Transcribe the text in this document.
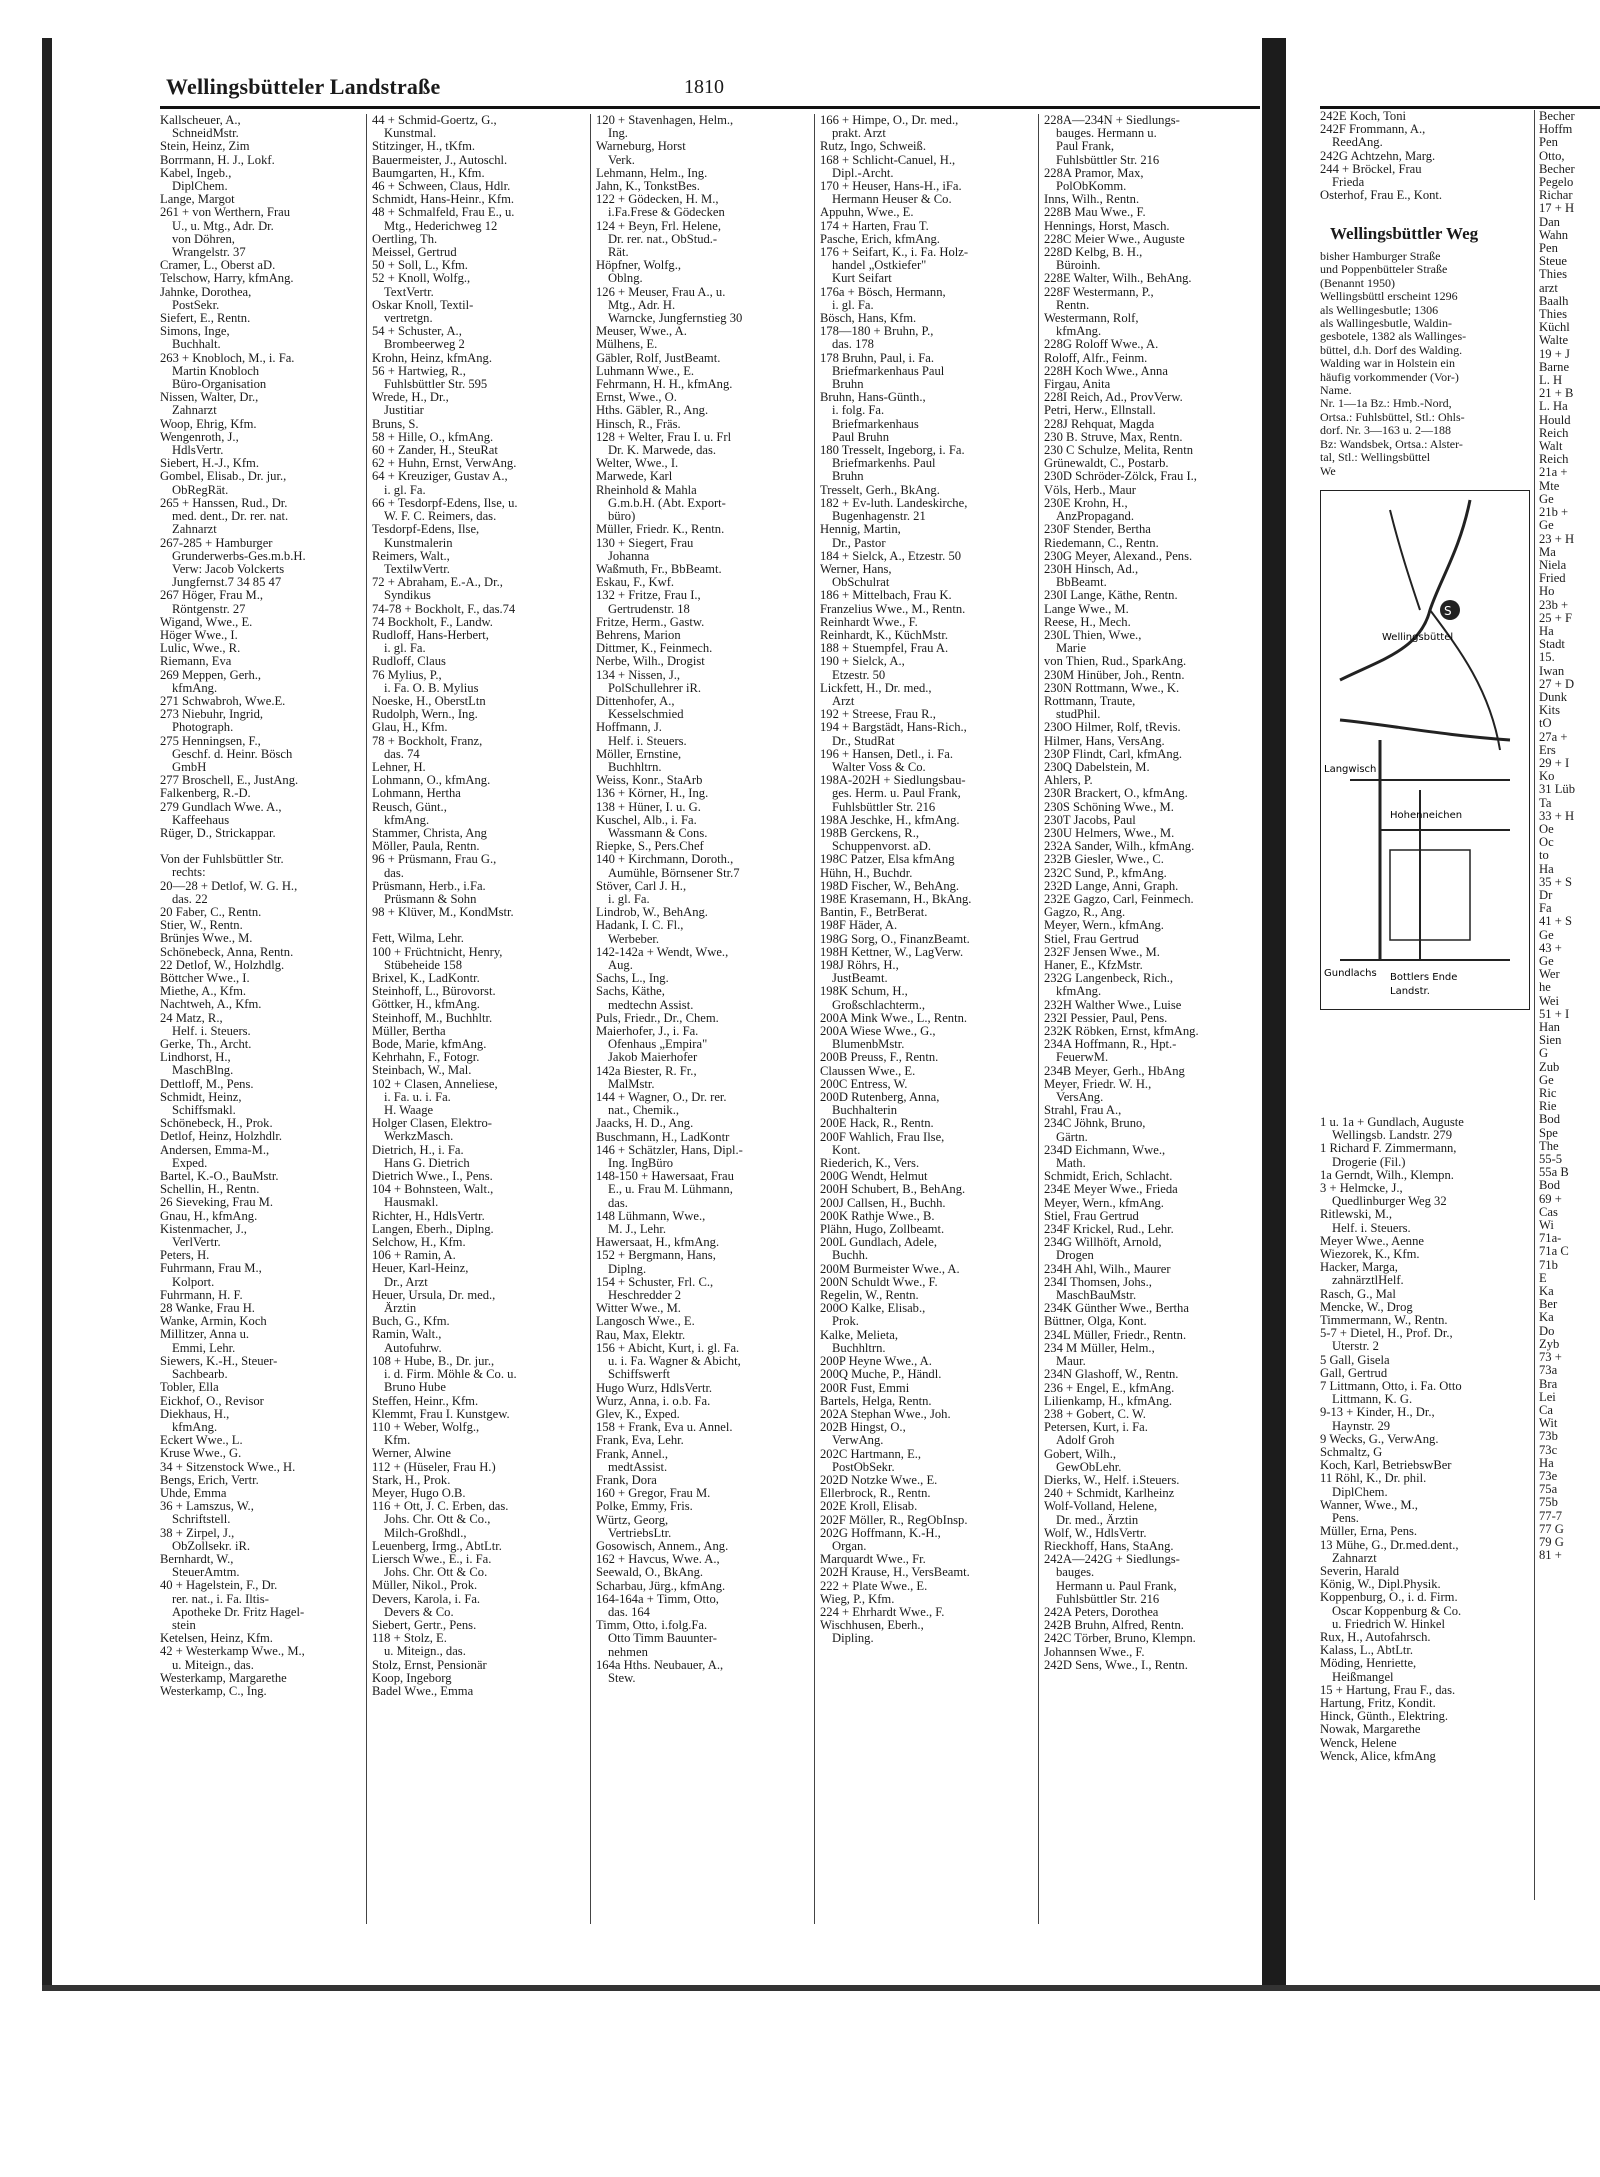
Wellingsbütteler Landstraße	1810
Kallscheuer, A.,
SchneidMstr.
Stein, Heinz, Zim
Borrmann, H. J., Lokf.
Kabel, Ingeb.,
DiplChem.
Lange, Margot
261 + von Werthern, Frau
U., u. Mtg., Adr. Dr.
von Döhren,
Wrangelstr. 37
Cramer, L., Oberst aD.
Telschow, Harry, kfmAng.
Jahnke, Dorothea,
PostSekr.
Siefert, E., Rentn.
Simons, Inge,
Buchhalt.
263 + Knobloch, M., i. Fa.
Martin Knobloch
Büro-Organisation
Nissen, Walter, Dr.,
Zahnarzt
Woop, Ehrig, Kfm.
Wengenroth, J.,
HdlsVertr.
Siebert, H.-J., Kfm.
Gombel, Elisab., Dr. jur.,
ObRegRät.
265 + Hanssen, Rud., Dr.
med. dent., Dr. rer. nat.
Zahnarzt
267-285 + Hamburger
Grunderwerbs-Ges.m.b.H.
Verw: Jacob Volckerts
Jungfernst.7 34 85 47
267 Höger, Frau M.,
Röntgenstr. 27
Wigand, Wwe., E.
Höger Wwe., I.
Lulic, Wwe., R.
Riemann, Eva
269 Meppen, Gerh.,
kfmAng.
271 Schwabroh, Wwe.E.
273 Niebuhr, Ingrid,
Photograph.
275 Henningsen, F.,
Geschf. d. Heinr. Bösch
GmbH
277 Broschell, E., JustAng.
Falkenberg, R.-D.
279 Gundlach Wwe. A.,
Kaffeehaus
Rüger, D., Strickappar.
Von der Fuhlsbüttler Str.
rechts:
20—28 + Detlof, W. G. H.,
das. 22
20 Faber, C., Rentn.
Stier, W., Rentn.
Brünjes Wwe., M.
Schönebeck, Anna, Rentn.
22 Detlof, W., Holzhdlg.
Böttcher Wwe., I.
Miethe, A., Kfm.
Nachtweh, A., Kfm.
24 Matz, R.,
Helf. i. Steuers.
Gerke, Th., Archt.
Lindhorst, H.,
MaschBlng.
Dettloff, M., Pens.
Schmidt, Heinz,
Schiffsmakl.
Schönebeck, H., Prok.
Detlof, Heinz, Holzhdlr.
Andersen, Emma-M.,
Exped.
Bartel, K.-O., BauMstr.
Schellin, H., Rentn.
26 Sieveking, Frau M.
Gnau, H., kfmAng.
Kistenmacher, J.,
VerlVertr.
Peters, H.
Fuhrmann, Frau M.,
Kolport.
Fuhrmann, H. F.
28 Wanke, Frau H.
Wanke, Armin, Koch
Millitzer, Anna u.
Emmi, Lehr.
Siewers, K.-H., Steuer-
Sachbearb.
Tobler, Ella
Eickhof, O., Revisor
Diekhaus, H.,
kfmAng.
Eckert Wwe., L.
Kruse Wwe., G.
34 + Sitzenstock Wwe., H.
Bengs, Erich, Vertr.
Uhde, Emma
36 + Lamszus, W.,
Schriftstell.
38 + Zirpel, J.,
ObZollsekr. iR.
Bernhardt, W.,
SteuerAmtm.
40 + Hagelstein, F., Dr.
rer. nat., i. Fa. Iltis-
Apotheke Dr. Fritz Hagel-
stein
Ketelsen, Heinz, Kfm.
42 + Westerkamp Wwe., M.,
u. Miteign., das.
Westerkamp, Margarethe
Westerkamp, C., Ing.
44 + Schmid-Goertz, G.,
Kunstmal.
Stitzinger, H., tKfm.
Bauermeister, J., Autoschl.
Baumgarten, H., Kfm.
46 + Schween, Claus, Hdlr.
Schmidt, Hans-Heinr., Kfm.
48 + Schmalfeld, Frau E., u.
Mtg., Hederichweg 12
Oertling, Th.
Meissel, Gertrud
50 + Soll, L., Kfm.
52 + Knoll, Wolfg.,
TextVertr.
Oskar Knoll, Textil-
vertretgn.
54 + Schuster, A.,
Brombeerweg 2
Krohn, Heinz, kfmAng.
56 + Hartwieg, R.,
Fuhlsbüttler Str. 595
Wrede, H., Dr.,
Justitiar
Bruns, S.
58 + Hille, O., kfmAng.
60 + Zander, H., SteuRat
62 + Huhn, Ernst, VerwAng.
64 + Kreuziger, Gustav A.,
i. gl. Fa.
66 + Tesdorpf-Edens, Ilse, u.
W. F. C. Reimers, das.
Tesdorpf-Edens, Ilse,
Kunstmalerin
Reimers, Walt.,
TextilwVertr.
72 + Abraham, E.-A., Dr.,
Syndikus
74-78 + Bockholt, F., das.74
74 Bockholt, F., Landw.
Rudloff, Hans-Herbert,
i. gl. Fa.
Rudloff, Claus
76 Mylius, P.,
i. Fa. O. B. Mylius
Noeske, H., OberstLtn
Rudolph, Wern., Ing.
Glau, H., Kfm.
78 + Bockholt, Franz,
das. 74
Lehner, H.
Lohmann, O., kfmAng.
Lohmann, Hertha
Reusch, Günt.,
kfmAng.
Stammer, Christa, Ang
Möller, Paula, Rentn.
96 + Prüsmann, Frau G.,
das.
Prüsmann, Herb., i.Fa.
Prüsmann & Sohn
98 + Klüver, M., KondMstr.
Fett, Wilma, Lehr.
100 + Früchtnicht, Henry,
Stübeheide 158
Brixel, K., LadKontr.
Steinhoff, L., Bürovorst.
Göttker, H., kfmAng.
Steinhoff, M., Buchhltr.
Müller, Bertha
Bode, Marie, kfmAng.
Kehrhahn, F., Fotogr.
Steinbach, W., Mal.
102 + Clasen, Anneliese,
i. Fa. u. i. Fa.
H. Waage
Holger Clasen, Elektro-
WerkzMasch.
Dietrich, H., i. Fa.
Hans G. Dietrich
Dietrich Wwe., I., Pens.
104 + Bohnsteen, Walt.,
Hausmakl.
Richter, H., HdlsVertr.
Langen, Eberh., Diplng.
Selchow, H., Kfm.
106 + Ramin, A.
Heuer, Karl-Heinz,
Dr., Arzt
Heuer, Ursula, Dr. med.,
Ärztin
Buch, G., Kfm.
Ramin, Walt.,
Autofuhrw.
108 + Hube, B., Dr. jur.,
i. d. Firm. Möhle & Co. u.
Bruno Hube
Steffen, Heinr., Kfm.
Klemmt, Frau I. Kunstgew.
110 + Weber, Wolfg.,
Kfm.
Werner, Alwine
112 + (Hüseler, Frau H.)
Stark, H., Prok.
Meyer, Hugo O.B.
116 + Ott, J. C. Erben, das.
Johs. Chr. Ott & Co.,
Milch-Großhdl.,
Leuenberg, Irmg., AbtLtr.
Liersch Wwe., E., i. Fa.
Johs. Chr. Ott & Co.
Müller, Nikol., Prok.
Devers, Karola, i. Fa.
Devers & Co.
Siebert, Gertr., Pens.
118 + Stolz, E.
u. Miteign., das.
Stolz, Ernst, Pensionär
Koop, Ingeborg
Badel Wwe., Emma
120 + Stavenhagen, Helm.,
Ing.
Warneburg, Horst
Verk.
Lehmann, Helm., Ing.
Jahn, K., TonkstBes.
122 + Gödecken, H. M.,
i.Fa.Frese & Gödecken
124 + Beyn, Frl. Helene,
Dr. rer. nat., ObStud.-
Rät.
Höpfner, Wolfg.,
Oblng.
126 + Meuser, Frau A., u.
Mtg., Adr. H.
Warncke, Jungfernstieg 30
Meuser, Wwe., A.
Mülhens, E.
Gäbler, Rolf, JustBeamt.
Luhmann Wwe., E.
Fehrmann, H. H., kfmAng.
Ernst, Wwe., O.
Hths. Gäbler, R., Ang.
Hinsch, R., Fräs.
128 + Welter, Frau I. u. Frl
Dr. K. Marwede, das.
Welter, Wwe., I.
Marwede, Karl
Rheinhold & Mahla
G.m.b.H. (Abt. Export-
büro)
Müller, Friedr. K., Rentn.
130 + Siegert, Frau
Johanna
Waßmuth, Fr., BbBeamt.
Eskau, F., Kwf.
132 + Fritze, Frau I.,
Gertrudenstr. 18
Fritze, Herm., Gastw.
Behrens, Marion
Dittmer, K., Feinmech.
Nerbe, Wilh., Drogist
134 + Nissen, J.,
PolSchullehrer iR.
Dittenhofer, A.,
Kesselschmied
Hoffmann, J.
Helf. i. Steuers.
Möller, Ernstine,
Buchhltrn.
Weiss, Konr., StaArb
136 + Körner, H., Ing.
138 + Hüner, I. u. G.
Kuschel, Alb., i. Fa.
Wassmann & Cons.
Riepke, S., Pers.Chef
140 + Kirchmann, Doroth.,
Aumühle, Börnsener Str.7
Stöver, Carl J. H.,
i. gl. Fa.
Lindrob, W., BehAng.
Hadank, I. C. Fl.,
Werbeber.
142-142a + Wendt, Wwe.,
Aug.
Sachs, L., Ing.
Sachs, Käthe,
medtechn Assist.
Puls, Friedr., Dr., Chem.
Maierhofer, J., i. Fa.
Ofenhaus „Empira"
Jakob Maierhofer
142a Biester, R. Fr.,
MalMstr.
144 + Wagner, O., Dr. rer.
nat., Chemik.,
Jaacks, H. D., Ang.
Buschmann, H., LadKontr
146 + Schätzler, Hans, Dipl.-
Ing. IngBüro
148-150 + Hawersaat, Frau
E., u. Frau M. Lühmann,
das.
148 Lühmann, Wwe.,
M. J., Lehr.
Hawersaat, H., kfmAng.
152 + Bergmann, Hans,
Diplng.
154 + Schuster, Frl. C.,
Heschredder 2
Witter Wwe., M.
Langosch Wwe., E.
Rau, Max, Elektr.
156 + Abicht, Kurt, i. gl. Fa.
u. i. Fa. Wagner & Abicht,
Schiffswerft
Hugo Wurz, HdlsVertr.
Wurz, Anna, i. o.b. Fa.
Glev, K., Exped.
158 + Frank, Eva u. Annel.
Frank, Eva, Lehr.
Frank, Annel.,
medtAssist.
Frank, Dora
160 + Gregor, Frau M.
Polke, Emmy, Fris.
Würtz, Georg,
VertriebsLtr.
Gosowisch, Annem., Ang.
162 + Havcus, Wwe. A.,
Seewald, O., BkAng.
Scharbau, Jürg., kfmAng.
164-164a + Timm, Otto,
das. 164
Timm, Otto, i.folg.Fa.
Otto Timm Bauunter-
nehmen
164a Hths. Neubauer, A.,
Stew.
166 + Himpe, O., Dr. med.,
prakt. Arzt
Rutz, Ingo, Schweiß.
168 + Schlicht-Canuel, H.,
Dipl.-Archt.
170 + Heuser, Hans-H., iFa.
Hermann Heuser & Co.
Appuhn, Wwe., E.
174 + Harten, Frau T.
Pasche, Erich, kfmAng.
176 + Seifart, K., i. Fa. Holz-
handel „Ostkiefer"
Kurt Seifart
176a + Bösch, Hermann,
i. gl. Fa.
Bösch, Hans, Kfm.
178—180 + Bruhn, P.,
das. 178
178 Bruhn, Paul, i. Fa.
Briefmarkenhaus Paul
Bruhn
Bruhn, Hans-Günth.,
i. folg. Fa.
Briefmarkenhaus
Paul Bruhn
180 Tresselt, Ingeborg, i. Fa.
Briefmarkenhs. Paul
Bruhn
Tresselt, Gerh., BkAng.
182 + Ev-luth. Landeskirche,
Bugenhagenstr. 21
Hennig, Martin,
Dr., Pastor
184 + Sielck, A., Etzestr. 50
Werner, Hans,
ObSchulrat
186 + Mittelbach, Frau K.
Franzelius Wwe., M., Rentn.
Reinhardt Wwe., F.
Reinhardt, K., KüchMstr.
188 + Stuempfel, Frau A.
190 + Sielck, A.,
Etzestr. 50
Lickfett, H., Dr. med.,
Arzt
192 + Streese, Frau R.,
194 + Bargstädt, Hans-Rich.,
Dr., StudRat
196 + Hansen, Detl., i. Fa.
Walter Voss & Co.
198A-202H + Siedlungsbau-
ges. Herm. u. Paul Frank,
Fuhlsbüttler Str. 216
198A Jeschke, H., kfmAng.
198B Gerckens, R.,
Schuppenvorst. aD.
198C Patzer, Elsa kfmAng
Hühn, H., Buchdr.
198D Fischer, W., BehAng.
198E Krasemann, H., BkAng.
Bantin, F., BetrBerat.
198F Häder, A.
198G Sorg, O., FinanzBeamt.
198H Kettner, W., LagVerw.
198J Röhrs, H.,
JustBeamt.
198K Schum, H.,
Großschlachterm.,
200A Mink Wwe., L., Rentn.
200A Wiese Wwe., G.,
BlumenbMstr.
200B Preuss, F., Rentn.
Claussen Wwe., E.
200C Entress, W.
200D Rutenberg, Anna,
Buchhalterin
200E Hack, R., Rentn.
200F Wahlich, Frau Ilse,
Kont.
Riederich, K., Vers.
200G Wendt, Helmut
200H Schubert, B., BehAng.
200J Callsen, H., Buchh.
200K Rathje Wwe., B.
Plähn, Hugo, Zollbeamt.
200L Gundlach, Adele,
Buchh.
200M Burmeister Wwe., A.
200N Schuldt Wwe., F.
Regelin, W., Rentn.
200O Kalke, Elisab.,
Prok.
Kalke, Melieta,
Buchhltrn.
200P Heyne Wwe., A.
200Q Muche, P., Händl.
200R Fust, Emmi
Bartels, Helga, Rentn.
202A Stephan Wwe., Joh.
202B Hingst, O.,
VerwAng.
202C Hartmann, E.,
PostObSekr.
202D Notzke Wwe., E.
Ellerbrock, R., Rentn.
202E Kroll, Elisab.
202F Möller, R., RegObInsp.
202G Hoffmann, K.-H.,
Organ.
Marquardt Wwe., Fr.
202H Krause, H., VersBeamt.
222 + Plate Wwe., E.
Wieg, P., Kfm.
224 + Ehrhardt Wwe., F.
Wischhusen, Eberh.,
Dipling.
228A—234N + Siedlungs-
bauges. Hermann u.
Paul Frank,
Fuhlsbüttler Str. 216
228A Pramor, Max,
PolObKomm.
Inns, Wilh., Rentn.
228B Mau Wwe., F.
Hennings, Horst, Masch.
228C Meier Wwe., Auguste
228D Kelbg, B. H.,
Büroinh.
228E Walter, Wilh., BehAng.
228F Westermann, P.,
Rentn.
Westermann, Rolf,
kfmAng.
228G Roloff Wwe., A.
Roloff, Alfr., Feinm.
228H Koch Wwe., Anna
Firgau, Anita
228I Reich, Ad., ProvVerw.
Petri, Herw., Ellnstall.
228J Rehquat, Magda
230 B. Struve, Max, Rentn.
230 C Schulze, Melita, Rentn
Grünewaldt, C., Postarb.
230D Schröder-Zölck, Frau I.,
Völs, Herb., Maur
230E Krohn, H.,
AnzPropagand.
230F Stender, Bertha
Riedemann, C., Rentn.
230G Meyer, Alexand., Pens.
230H Hinsch, Ad.,
BbBeamt.
230I Lange, Käthe, Rentn.
Lange Wwe., M.
Reese, H., Mech.
230L Thien, Wwe.,
Marie
von Thien, Rud., SparkAng.
230M Hinüber, Joh., Rentn.
230N Rottmann, Wwe., K.
Rottmann, Traute,
studPhil.
230O Hilmer, Rolf, tRevis.
Hilmer, Hans, VersAng.
230P Flindt, Carl, kfmAng.
230Q Dabelstein, M.
Ahlers, P.
230R Brackert, O., kfmAng.
230S Schöning Wwe., M.
230T Jacobs, Paul
230U Helmers, Wwe., M.
232A Sander, Wilh., kfmAng.
232B Giesler, Wwe., C.
232C Sund, P., kfmAng.
232D Lange, Anni, Graph.
232E Gagzo, Carl, Feinmech.
Gagzo, R., Ang.
Meyer, Wern., kfmAng.
Stiel, Frau Gertrud
232F Jensen Wwe., M.
Haner, E., KfzMstr.
232G Langenbeck, Rich.,
kfmAng.
232H Walther Wwe., Luise
232I Pessier, Paul, Pens.
232K Röbken, Ernst, kfmAng.
234A Hoffmann, R., Hpt.-
FeuerwM.
234B Meyer, Gerh., HbAng
Meyer, Friedr. W. H.,
VersAng.
Strahl, Frau A.,
234C Jöhnk, Bruno,
Gärtn.
234D Eichmann, Wwe.,
Math.
Schmidt, Erich, Schlacht.
234E Meyer Wwe., Frieda
Meyer, Wern., kfmAng.
Stiel, Frau Gertrud
234F Krickel, Rud., Lehr.
234G Willhöft, Arnold,
Drogen
234H Ahl, Wilh., Maurer
234I Thomsen, Johs.,
MaschBauMstr.
234K Günther Wwe., Bertha
Büttner, Olga, Kont.
234L Müller, Friedr., Rentn.
234 M Müller, Helm.,
Maur.
234N Glashoff, W., Rentn.
236 + Engel, E., kfmAng.
Lilienkamp, H., kfmAng.
238 + Gobert, C. W.
Petersen, Kurt, i. Fa.
Adolf Groh
Gobert, Wilh.,
GewObLehr.
Dierks, W., Helf. i.Steuers.
240 + Schmidt, Karlheinz
Wolf-Volland, Helene,
Dr. med., Ärztin
Wolf, W., HdlsVertr.
Rieckhoff, Hans, StaAng.
242A—242G + Siedlungs-
bauges.
Hermann u. Paul Frank,
Fuhlsbüttler Str. 216
242A Peters, Dorothea
242B Bruhn, Alfred, Rentn.
242C Törber, Bruno, Klempn.
Johannsen Wwe., F.
242D Sens, Wwe., I., Rentn.
242E Koch, Toni
242F Frommann, A.,
ReedAng.
242G Achtzehn, Marg.
244 + Bröckel, Frau
Frieda
Osterhof, Frau E., Kont.
Wellingsbüttler Weg
bisher Hamburger Straße
und Poppenbütteler Straße
(Benannt 1950)
Wellingsbüttl erscheint 1296
als Wellingesbutle; 1306
als Wallingesbutle, Waldin-
gesbotele, 1382 als Wallinges-
büttel, d.h. Dorf des Walding.
Walding war in Holstein ein
häufig vorkommender (Vor-)
Name.
Nr. 1—1a Bz.: Hmb.-Nord,
Ortsa.: Fuhlsbüttel, Stl.: Ohls-
dorf. Nr. 3—163 u. 2—188
Bz: Wandsbek, Ortsa.: Alster-
tal, Stl.: Wellingsbüttel
We
S
Wellingsbüttel
Langwisch
Hohenneichen
Gundlachs Bottlers Ende
Landstr.
1 u. 1a + Gundlach, Auguste
Wellingsb. Landstr. 279
1 Richard F. Zimmermann,
Drogerie (Fil.)
1a Gerndt, Wilh., Klempn.
3 + Helmcke, J.,
Quedlinburger Weg 32
Ritlewski, M.,
Helf. i. Steuers.
Meyer Wwe., Aenne
Wiezorek, K., Kfm.
Hacker, Marga,
zahnärztlHelf.
Rasch, G., Mal
Mencke, W., Drog
Timmermann, W., Rentn.
5-7 + Dietel, H., Prof. Dr.,
Uterstr. 2
5 Gall, Gisela
Gall, Gertrud
7 Littmann, Otto, i. Fa. Otto
Littmann, K. G.
9-13 + Kinder, H., Dr.,
Haynstr. 29
9 Wecks, G., VerwAng.
Schmaltz, G
Koch, Karl, BetriebswBer
11 Röhl, K., Dr. phil.
DiplChem.
Wanner, Wwe., M.,
Pens.
Müller, Erna, Pens.
13 Mühe, G., Dr.med.dent.,
Zahnarzt
Severin, Harald
König, W., Dipl.Physik.
Koppenburg, O., i. d. Firm.
Oscar Koppenburg & Co.
u. Friedrich W. Hinkel
Rux, H., Autofahrsch.
Kalass, L., AbtLtr.
Möding, Henriette,
Heißmangel
15 + Hartung, Frau F., das.
Hartung, Fritz, Kondit.
Hinck, Günth., Elektring.
Nowak, Margarethe
Wenck, Helene
Wenck, Alice, kfmAng
Becher
Hoffm
Pen
Otto,
Becher
Pegelo
Richar
17 + H
Dan
Wahn
Pen
Steue
Thies
arzt
Baalh
Thies
Küchl
Walte
19 + J
Barne
L. H
21 + B
L. Ha
Hould
Reich
Walt
Reich
21a +
Mte
Ge
21b +
Ge
23 + H
Ma
Niela
Fried
Ho
23b +
25 + F
Ha
Stadt
15.
Iwan
27 + D
Dunk
Kits
tO
27a +
Ers
29 + I
Ko
31 Lüb
Ta
33 + H
Oe
Oc
to
Ha
35 + S
Dr
Fa
41 + S
Ge
43 +
Ge
Wer
he
Wei
51 + I
Han
Sien
G
Zub
Ge
Ric
Rie
Bod
Spe
The
55-5
55a B
Bod
69 +
Cas
Wi
71a-
71a C
71b
E
Ka
Ber
Ka
Do
Zyb
73 +
73a
Bra
Lei
Ca
Wit
73b
73c
Ha
73e
75a
75b
77-7
77 G
79 G
81 +
